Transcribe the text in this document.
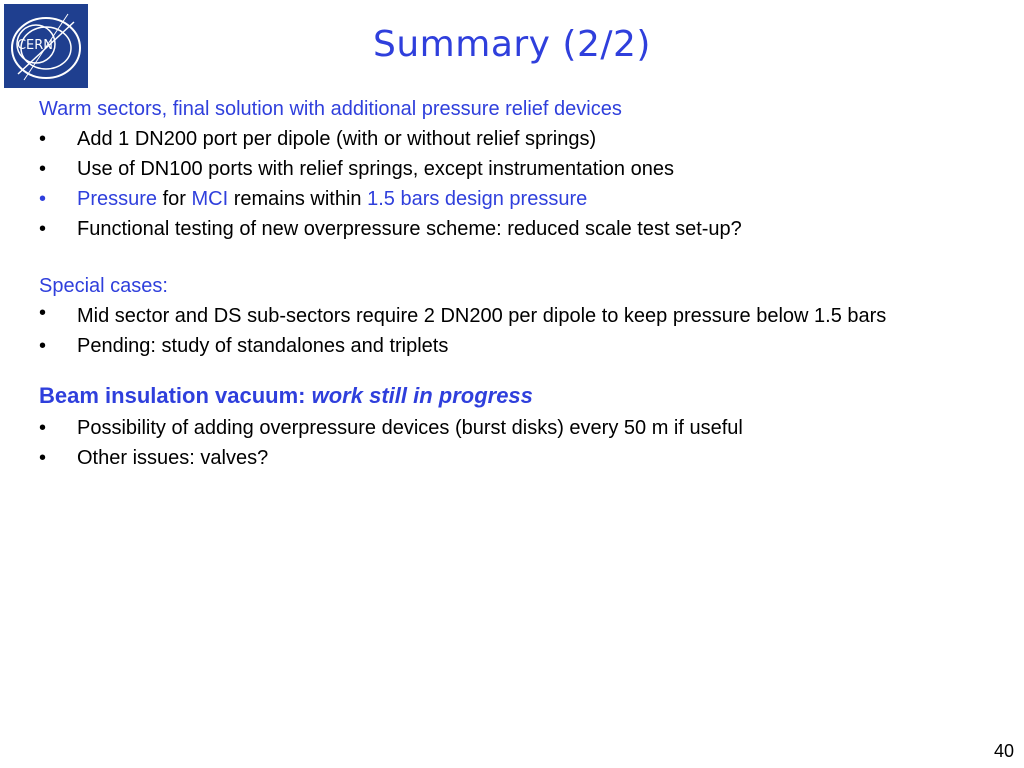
CERN	Summary (2/2)
Warm sectors, final solution with additional pressure relief devices
• Add 1 DN200 port per dipole (with or without relief springs)
• Use of DN100 ports with relief springs, except instrumentation ones
• Pressure for MCI remains within 1.5 bars design pressure
• Functional testing of new overpressure scheme: reduced scale test set-up?
Special cases:
• Mid sector and DS sub-sectors require 2 DN200 per dipole to keep pressure below 1.5 bars
• Pending: study of standalones and triplets
Beam insulation vacuum: work still in progress
• Possibility of adding overpressure devices (burst disks) every 50 m if useful
• Other issues: valves?
40
